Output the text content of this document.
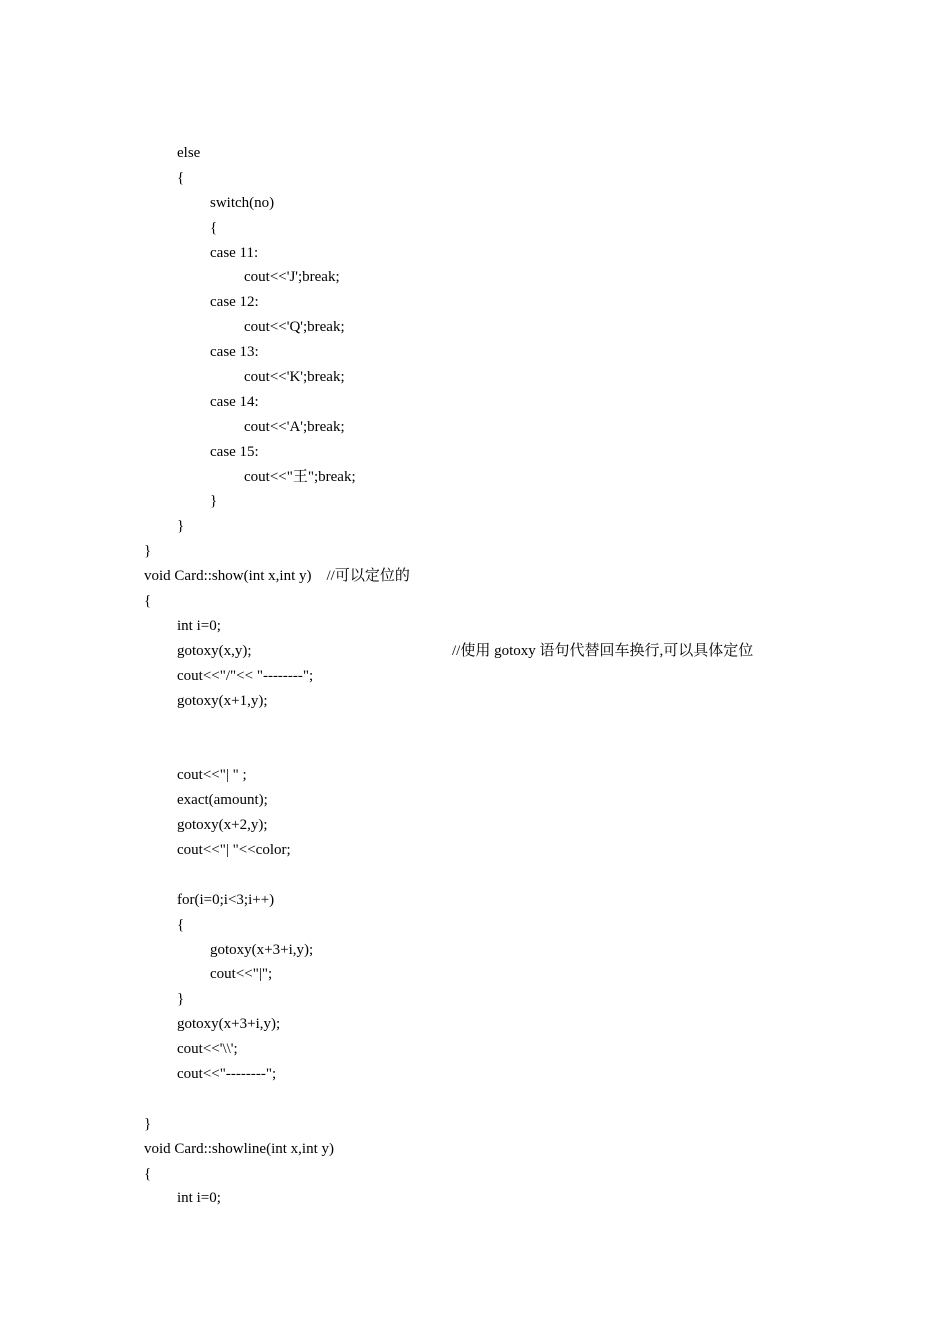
else
{
switch(no)
{
case 11:
cout<<'J';break;
case 12:
cout<<'Q';break;
case 13:
cout<<'K';break;
case 14:
cout<<'A';break;
case 15:
cout<<"王";break;
}
}
}
void Card::show(int x,int y)    //可以定位的
{
int i=0;
gotoxy(x,y);	//使用 gotoxy 语句代替回车换行,可以具体定位
cout<<"/"<< "--------";
gotoxy(x+1,y);
cout<<"| " ;
exact(amount);
gotoxy(x+2,y);
cout<<"| "<<color;
for(i=0;i<3;i++)
{
gotoxy(x+3+i,y);
cout<<"|";
}
gotoxy(x+3+i,y);
cout<<'\\';
cout<<"--------";
}
void Card::showline(int x,int y)
{
int i=0;
